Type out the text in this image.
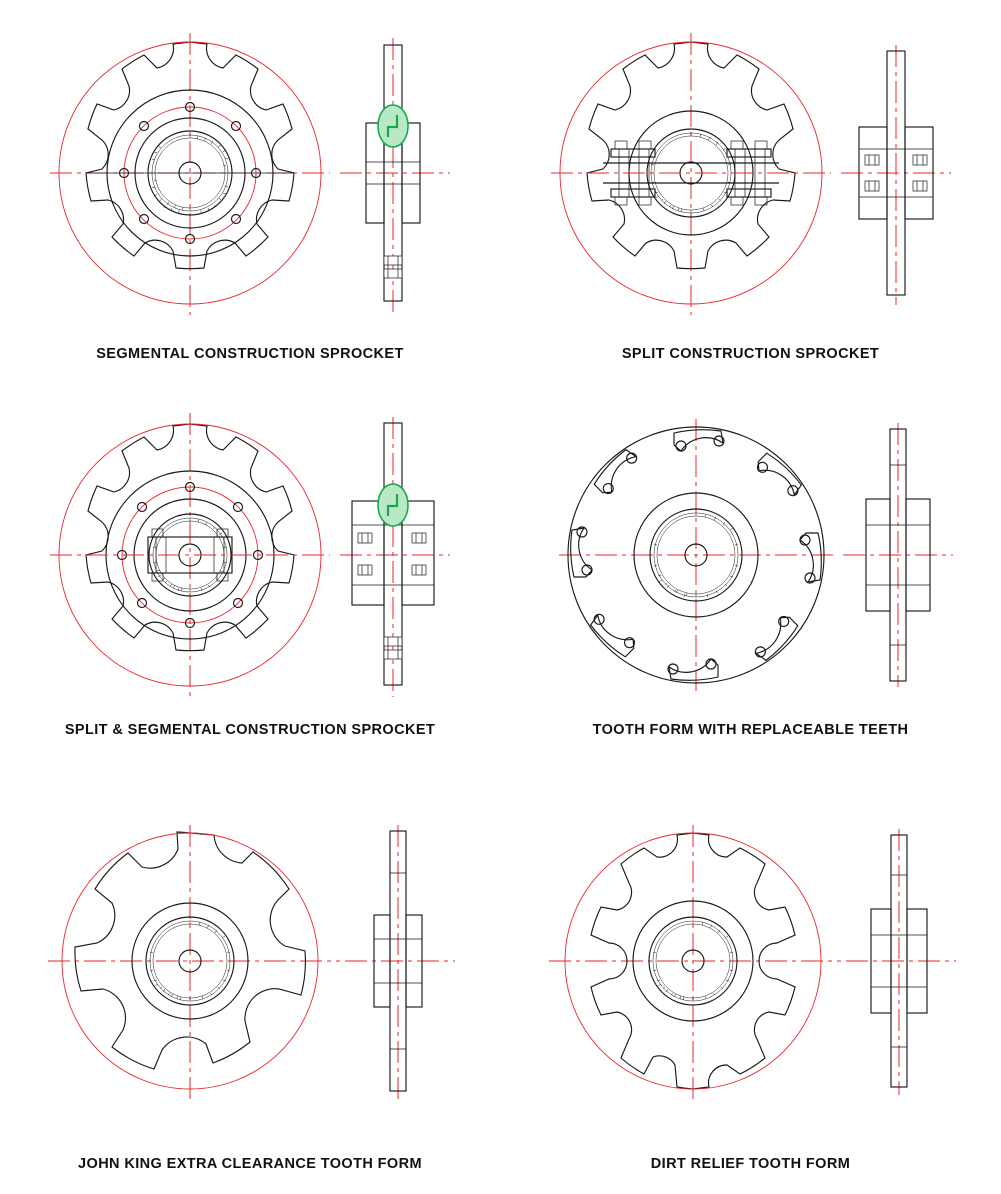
SEGMENTAL CONSTRUCTION SPROCKET	SPLIT CONSTRUCTION SPROCKET
SPLIT & SEGMENTAL CONSTRUCTION SPROCKET	TOOTH FORM WITH REPLACEABLE TEETH
JOHN KING EXTRA CLEARANCE TOOTH FORM	DIRT RELIEF TOOTH FORM
